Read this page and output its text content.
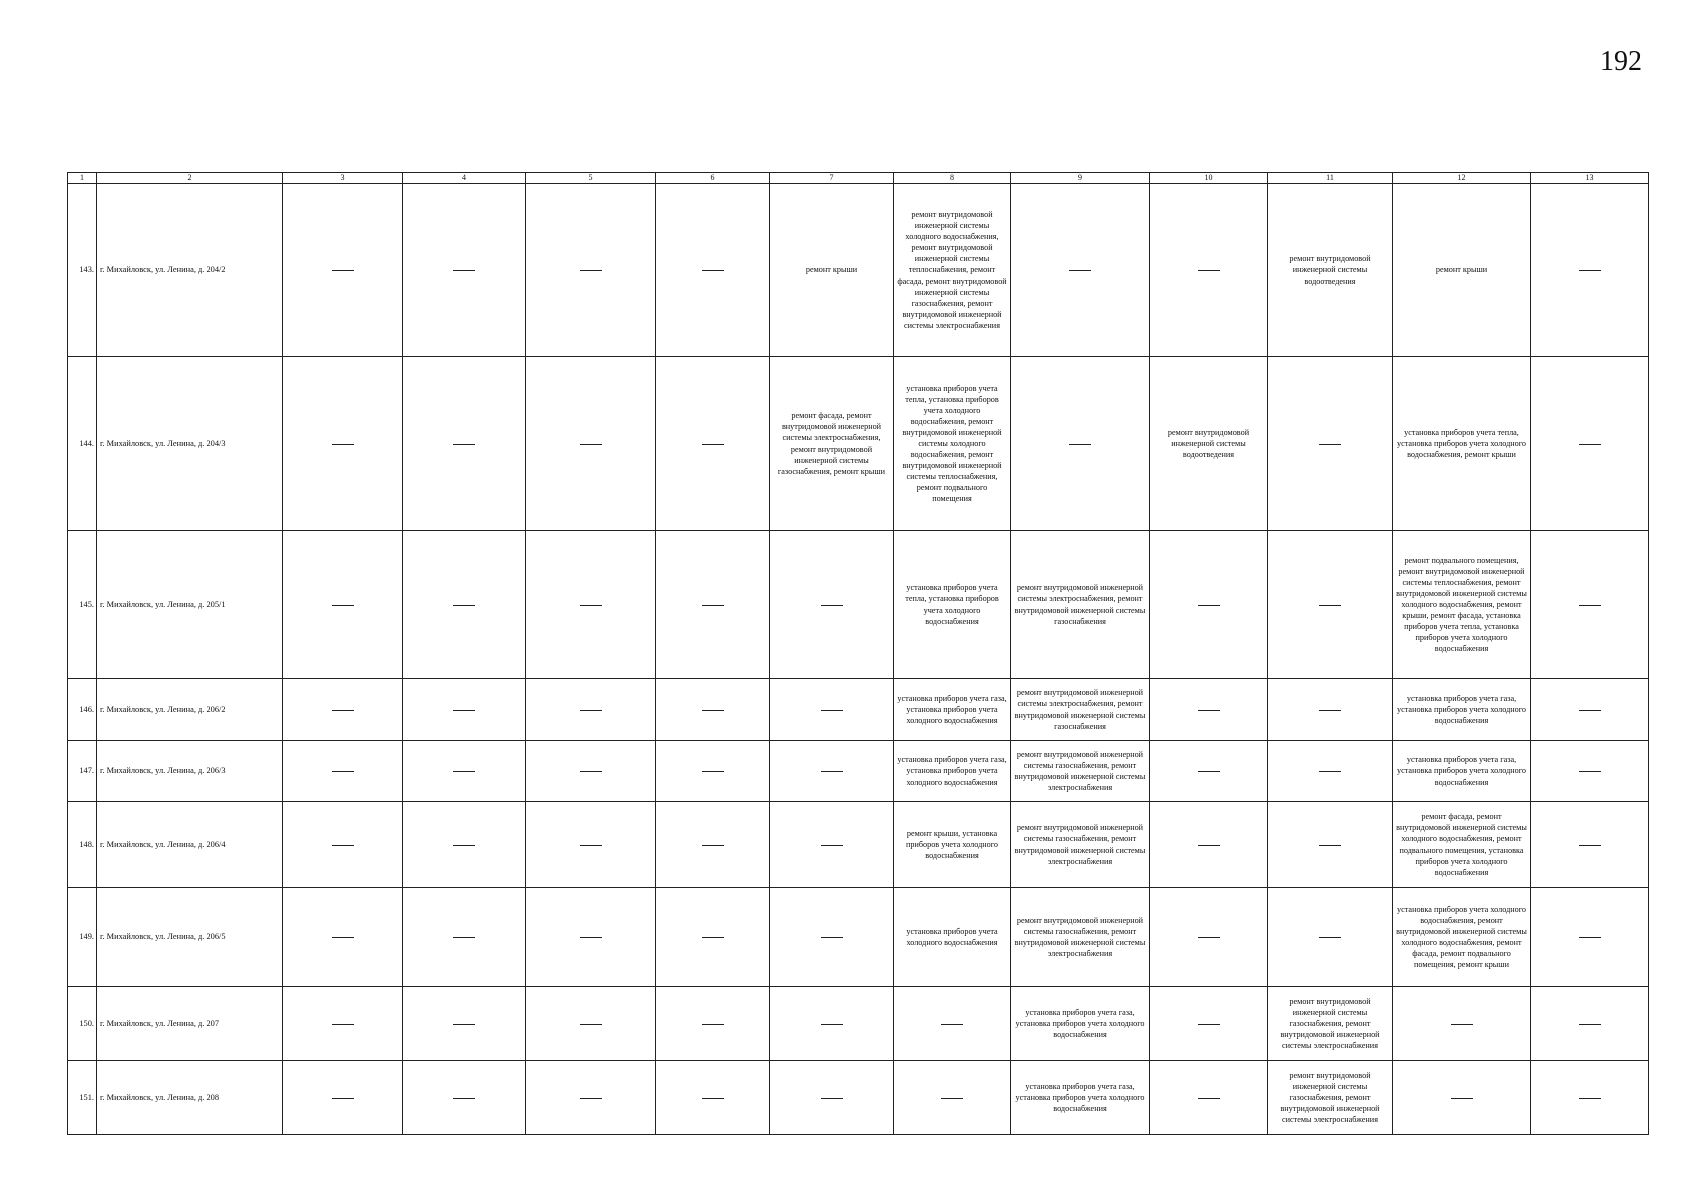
192
1	2	3	4	5	6	7	8	9	10	11	12	13
143.	г. Михайловск, ул. Ленина, д. 204/2					ремонт крыши	ремонт внутридомовой инженерной системы холодного водоснабжения, ремонт внутридомовой инженерной системы теплоснабжения, ремонт фасада, ремонт внутридомовой инженерной системы газоснабжения, ремонт внутридомовой инженерной системы электроснабжения			ремонт внутридомовой инженерной системы водоотведения	ремонт крыши	
144.	г. Михайловск, ул. Ленина, д. 204/3					ремонт фасада, ремонт внутридомовой инженерной системы электроснабжения, ремонт внутридомовой инженерной системы газоснабжения, ремонт крыши	установка приборов учета тепла, установка приборов учета холодного водоснабжения, ремонт внутридомовой инженерной системы холодного водоснабжения, ремонт внутридомовой инженерной системы теплоснабжения, ремонт подвального помещения		ремонт внутридомовой инженерной системы водоотведения		установка приборов учета тепла, установка приборов учета холодного водоснабжения, ремонт крыши	
145.	г. Михайловск, ул. Ленина, д. 205/1						установка приборов учета тепла, установка приборов учета холодного водоснабжения	ремонт внутридомовой инженерной системы электроснабжения, ремонт внутридомовой инженерной системы газоснабжения			ремонт подвального помещения, ремонт внутридомовой инженерной системы теплоснабжения, ремонт внутридомовой инженерной системы холодного водоснабжения, ремонт крыши, ремонт фасада, установка приборов учета тепла, установка приборов учета холодного водоснабжения	
146.	г. Михайловск, ул. Ленина, д. 206/2						установка приборов учета газа, установка приборов учета холодного водоснабжения	ремонт внутридомовой инженерной системы электроснабжения, ремонт внутридомовой инженерной системы газоснабжения			установка приборов учета газа, установка приборов учета холодного водоснабжения	
147.	г. Михайловск, ул. Ленина, д. 206/3						установка приборов учета газа, установка приборов учета холодного водоснабжения	ремонт внутридомовой инженерной системы газоснабжения, ремонт внутридомовой инженерной системы электроснабжения			установка приборов учета газа, установка приборов учета холодного водоснабжения	
148.	г. Михайловск, ул. Ленина, д. 206/4						ремонт крыши, установка приборов учета холодного водоснабжения	ремонт внутридомовой инженерной системы газоснабжения, ремонт внутридомовой инженерной системы электроснабжения			ремонт фасада, ремонт внутридомовой инженерной системы холодного водоснабжения, ремонт подвального помещения, установка приборов учета холодного водоснабжения	
149.	г. Михайловск, ул. Ленина, д. 206/5						установка приборов учета холодного водоснабжения	ремонт внутридомовой инженерной системы газоснабжения, ремонт внутридомовой инженерной системы электроснабжения			установка приборов учета холодного водоснабжения, ремонт внутридомовой инженерной системы холодного водоснабжения, ремонт фасада, ремонт подвального помещения, ремонт крыши	
150.	г. Михайловск, ул. Ленина, д. 207							установка приборов учета газа, установка приборов учета холодного водоснабжения		ремонт внутридомовой инженерной системы газоснабжения, ремонт внутридомовой инженерной системы электроснабжения		
151.	г. Михайловск, ул. Ленина, д. 208							установка приборов учета газа, установка приборов учета холодного водоснабжения		ремонт внутридомовой инженерной системы газоснабжения, ремонт внутридомовой инженерной системы электроснабжения		
